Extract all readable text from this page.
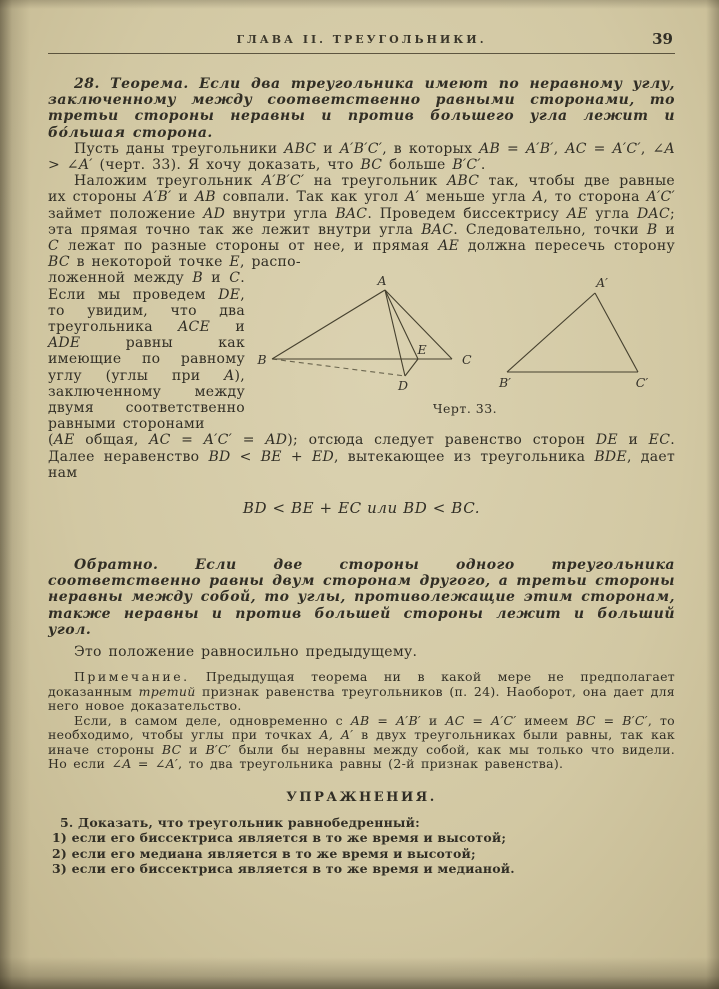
ГЛАВА II. ТРЕУГОЛЬНИКИ.	39

28. Теорема. Если два треугольника имеют по неравному углу, заключенному между соответственно равными сторонами, то третьи стороны неравны и против большего угла лежит и бо́льшая сторона.

Пусть даны треугольники ABC и A′B′C′, в которых AB = A′B′, AC = A′C′, ∠A > ∠A′ (черт. 33). Я хочу доказать, что BC больше B′C′.

Наложим треугольник A′B′C′ на треугольник ABC так, чтобы две равные их стороны A′B′ и AB совпали. Так как угол A′ меньше угла A, то сторона A′C′ займет положение AD внутри угла BAC. Проведем биссектрису AE угла DAC; эта прямая точно так же лежит внутри угла BAC. Следовательно, точки B и C лежат по разные стороны от нее, и прямая AE должна пересечь сторону BC в некоторой точке E, распо-

A
B	C
E
D
A′
B′	C′
Черт. 33.

ложенной между B и C. Если мы проведем DE, то увидим, что два треугольника ACE и ADE равны как имеющие по равному углу (углы при A), заключенному между двумя соответственно равными сторонами

(AE общая, AC = A′C′ = AD); отсюда следует равенство сторон DE и EC. Далее неравенство BD < BE + ED, вытекающее из треугольника BDE, дает нам

BD < BE + EC или BD < BC.

Обратно. Если две стороны одного треугольника соответственно равны двум сторонам другого, а третьи стороны неравны между собой, то углы, противолежащие этим сторонам, также неравны и против большей стороны лежит и больший угол.

Это положение равносильно предыдущему.

Примечание. Предыдущая теорема ни в какой мере не предполагает доказанным третий признак равенства треугольников (п. 24). Наоборот, она дает для него новое доказательство.

Если, в самом деле, одновременно с AB = A′B′ и AC = A′C′ имеем BC = B′C′, то необходимо, чтобы углы при точках A, A′ в двух треугольниках были равны, так как иначе стороны BC и B′C′ были бы неравны между собой, как мы только что видели. Но если ∠A = ∠A′, то два треугольника равны (2-й признак равенства).

УПРАЖНЕНИЯ.
5. Доказать, что треугольник равнобедренный:
1) если его биссектриса является в то же время и высотой;
2) если его медиана является в то же время и высотой;
3) если его биссектриса является в то же время и медианой.
